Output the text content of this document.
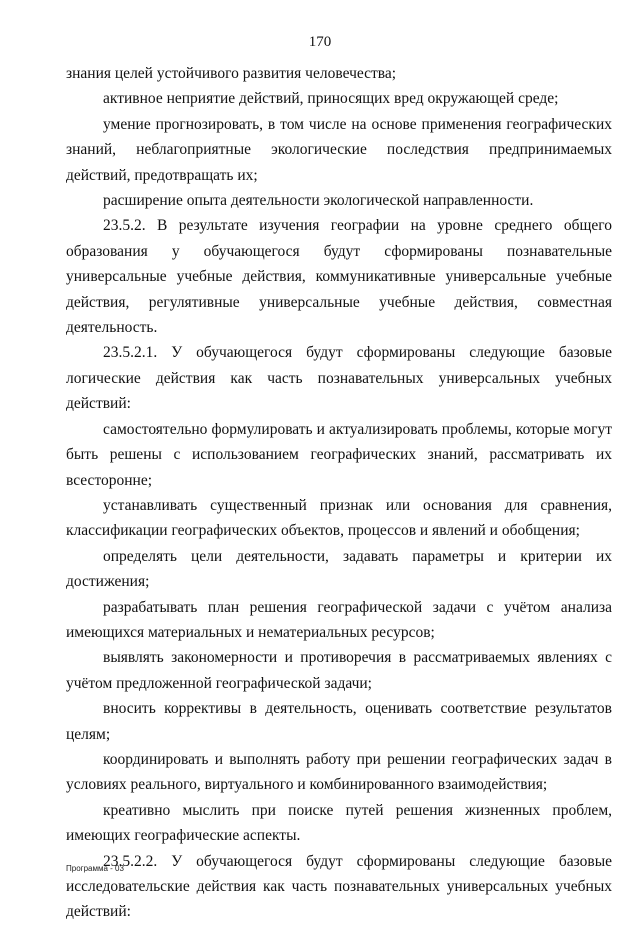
170

знания целей устойчивого развития человечества;

активное неприятие действий, приносящих вред окружающей среде;

умение прогнозировать, в том числе на основе применения географических знаний, неблагоприятные экологические последствия предпринимаемых действий, предотвращать их;

расширение опыта деятельности экологической направленности.

23.5.2. В результате изучения географии на уровне среднего общего образования у обучающегося будут сформированы познавательные универсальные учебные действия, коммуникативные универсальные учебные действия, регулятивные универсальные учебные действия, совместная деятельность.

23.5.2.1. У обучающегося будут сформированы следующие базовые логические действия как часть познавательных универсальных учебных действий:

самостоятельно формулировать и актуализировать проблемы, которые могут быть решены с использованием географических знаний, рассматривать их всесторонне;

устанавливать существенный признак или основания для сравнения, классификации географических объектов, процессов и явлений и обобщения;

определять цели деятельности, задавать параметры и критерии их достижения;

разрабатывать план решения географической задачи с учётом анализа имеющихся материальных и нематериальных ресурсов;

выявлять закономерности и противоречия в рассматриваемых явлениях с учётом предложенной географической задачи;

вносить коррективы в деятельность, оценивать соответствие результатов целям;

координировать и выполнять работу при решении географических задач в условиях реального, виртуального и комбинированного взаимодействия;

креативно мыслить при поиске путей решения жизненных проблем, имеющих географические аспекты.

23.5.2.2. У обучающегося будут сформированы следующие базовые исследовательские действия как часть познавательных универсальных учебных действий:

Программа - 03
